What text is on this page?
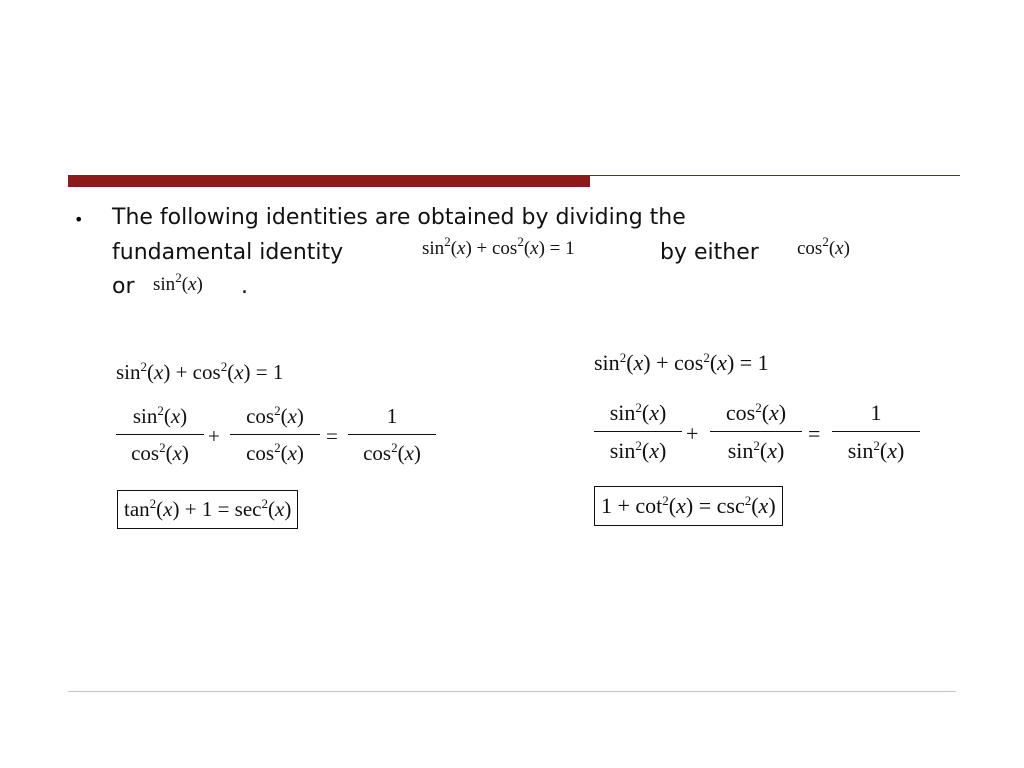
• The following identities are obtained by dividing the
fundamental identity	$\sin^2(x) + \cos^2(x) = 1$	by either $\cos^2(x)$
or $\sin^2(x)$ .
$\sin^2(x) + \cos^2(x) = 1$
$\sin^2(x)$
$\cos^2(x)$
+
$\cos^2(x)$
$\cos^2(x)$
=
1
$\cos^2(x)$
$\tan^2(x) + 1 = \sec^2(x)$
$\sin^2(x) + \cos^2(x) = 1$
$\sin^2(x)$
$\sin^2(x)$
+
$\cos^2(x)$
$\sin^2(x)$
=
1
$\sin^2(x)$
$1 + \cot^2(x) = \csc^2(x)$
